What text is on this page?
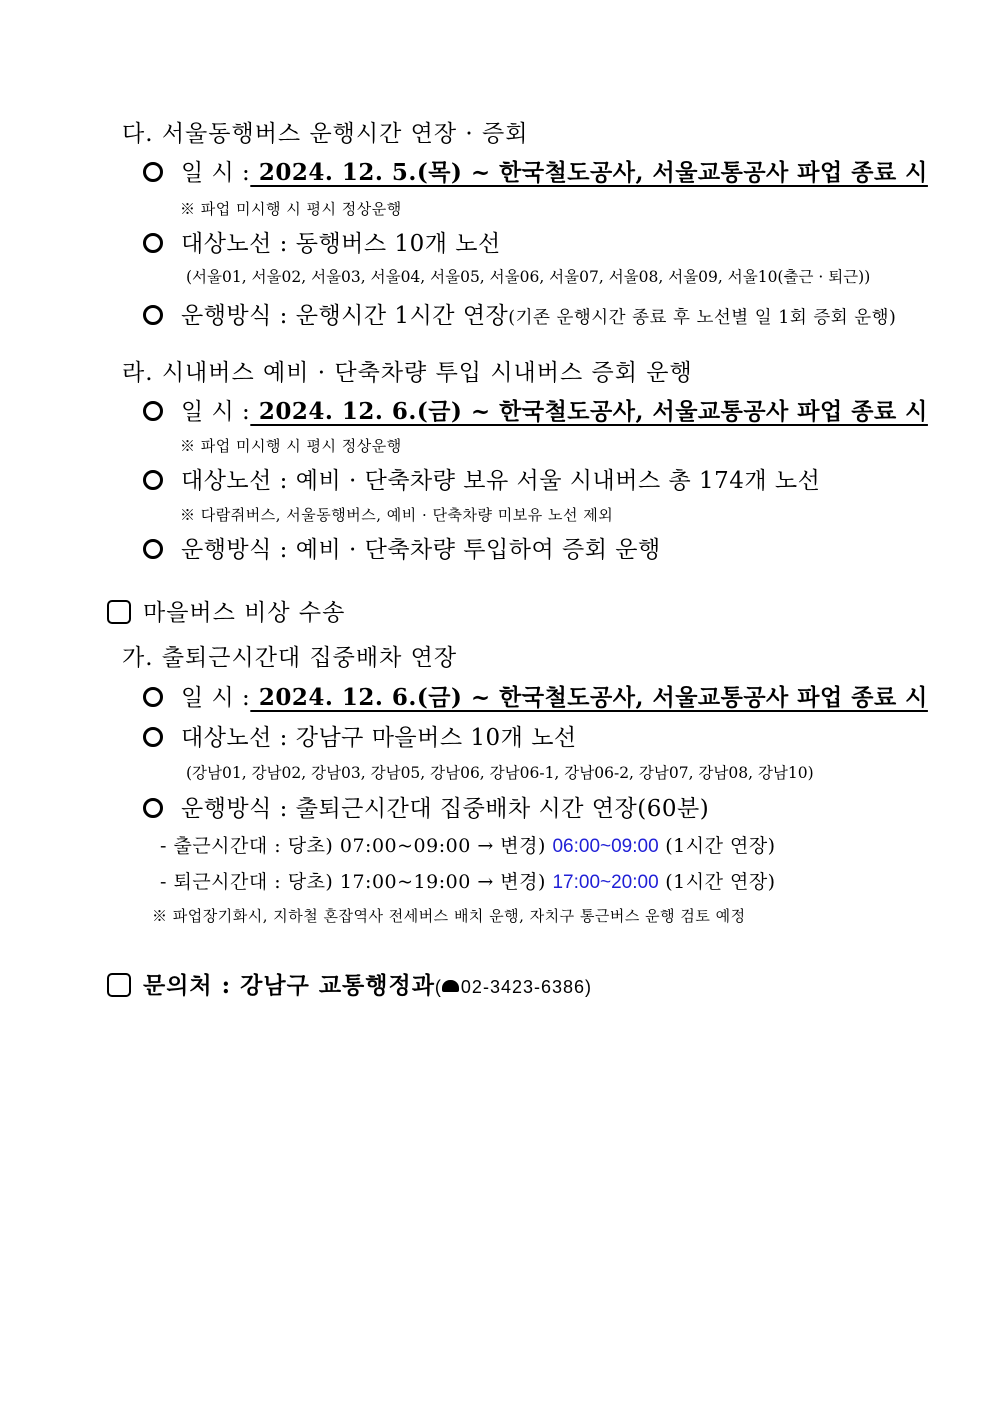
다. 서울동행버스 운행시간 연장 · 증회
일 시 : 2024. 12. 5.(목) ~ 한국철도공사, 서울교통공사 파업 종료 시
※ 파업 미시행 시 평시 정상운행
대상노선 : 동행버스 10개 노선
(서울01, 서울02, 서울03, 서울04, 서울05, 서울06, 서울07, 서울08, 서울09, 서울10(출근 · 퇴근))
운행방식 : 운행시간 1시간 연장(기존 운행시간 종료 후 노선별 일 1회 증회 운행)
라. 시내버스 예비 · 단축차량 투입 시내버스 증회 운행
일 시 : 2024. 12. 6.(금) ~ 한국철도공사, 서울교통공사 파업 종료 시
※ 파업 미시행 시 평시 정상운행
대상노선 : 예비 · 단축차량 보유 서울 시내버스 총 174개 노선
※ 다람쥐버스, 서울동행버스, 예비 · 단축차량 미보유 노선 제외
운행방식 : 예비 · 단축차량 투입하여 증회 운행
마을버스 비상 수송
가. 출퇴근시간대 집중배차 연장
일 시 : 2024. 12. 6.(금) ~ 한국철도공사, 서울교통공사 파업 종료 시
대상노선 : 강남구 마을버스 10개 노선
(강남01, 강남02, 강남03, 강남05, 강남06, 강남06-1, 강남06-2, 강남07, 강남08, 강남10)
운행방식 : 출퇴근시간대 집중배차 시간 연장(60분)
- 출근시간대 : 당초) 07:00~09:00 → 변경) 06:00~09:00 (1시간 연장)
- 퇴근시간대 : 당초) 17:00~19:00 → 변경) 17:00~20:00 (1시간 연장)
※ 파업장기화시, 지하철 혼잡역사 전세버스 배치 운행, 자치구 통근버스 운행 검토 예정
문의처 : 강남구 교통행정과( 02-3423-6386)
